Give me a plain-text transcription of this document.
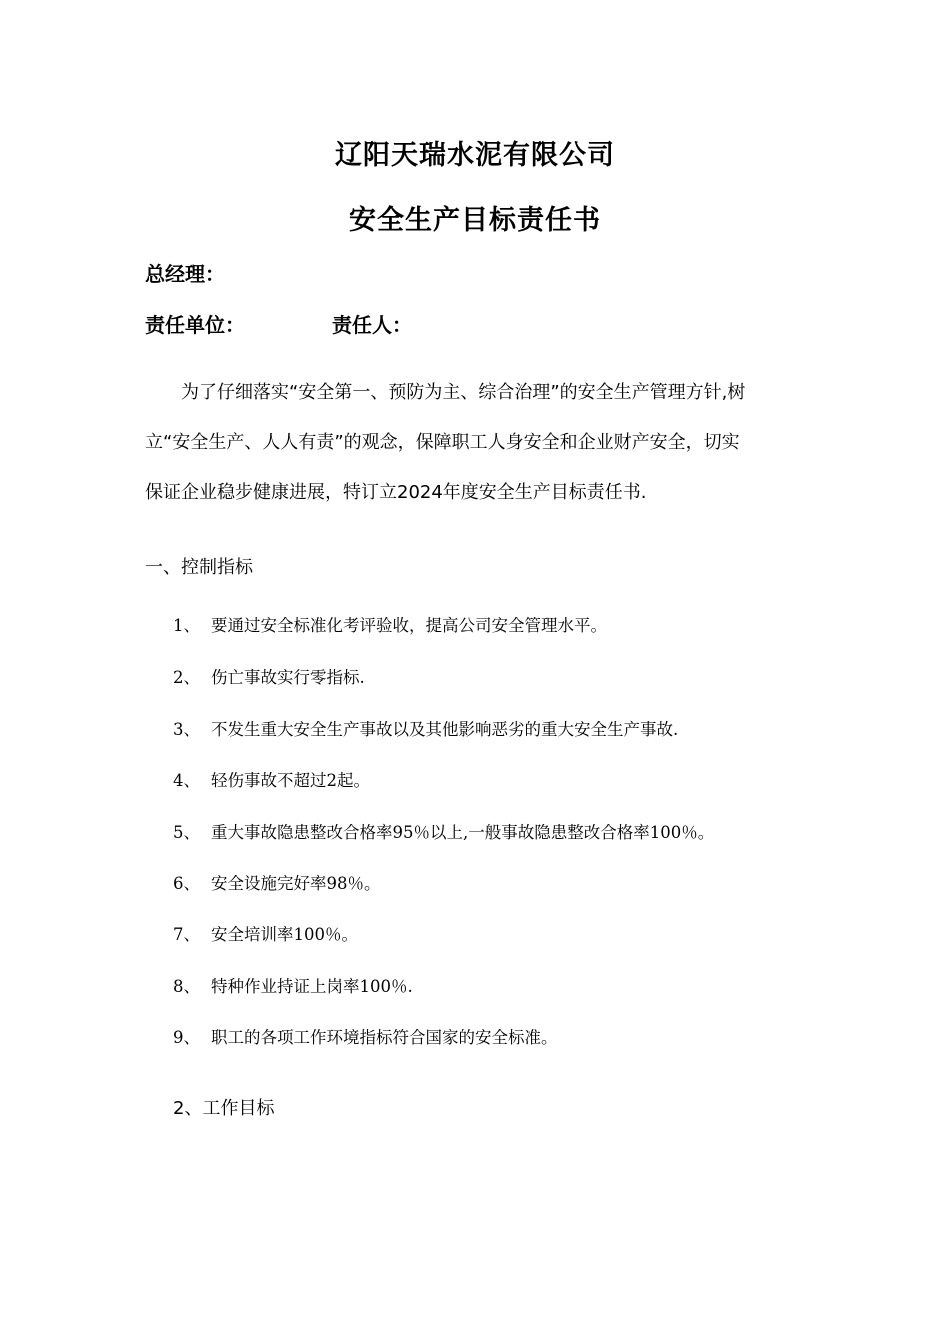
辽阳天瑞水泥有限公司
安全生产目标责任书
总经理：
责任单位：	责任人：
为了仔细落实“安全第一、预防为主、综合治理”的安全生产管理方针,树
立“安全生产、人人有责”的观念，保障职工人身安全和企业财产安全，切实
保证企业稳步健康进展，特订立2024年度安全生产目标责任书.
一、控制指标
1、 要通过安全标准化考评验收，提高公司安全管理水平。
2、 伤亡事故实行零指标.
3、 不发生重大安全生产事故以及其他影响恶劣的重大安全生产事故.
4、 轻伤事故不超过2起。
5、 重大事故隐患整改合格率95％以上,一般事故隐患整改合格率100％。
6、 安全设施完好率98％。
7、 安全培训率100％。
8、 特种作业持证上岗率100％.
9、 职工的各项工作环境指标符合国家的安全标准。
2、工作目标
